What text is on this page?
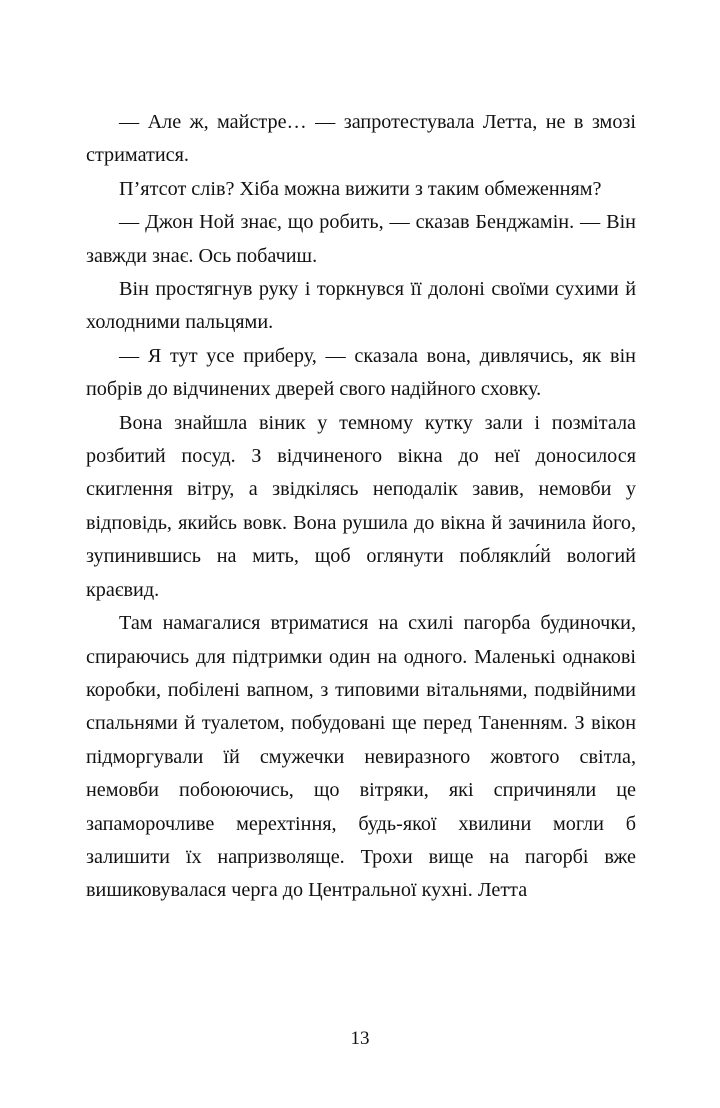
— Але ж, майстре… — запротестувала Летта, не в змозі стриматися.

П’ятсот слів? Хіба можна вижити з таким обмеженням?

— Джон Ной знає, що робить, — сказав Бенджамін. — Він завжди знає. Ось побачиш.

Він простягнув руку і торкнувся її долоні своїми сухими й холодними пальцями.

— Я тут усе приберу, — сказала вона, дивлячись, як він побрів до відчинених дверей свого надійного сховку.

Вона знайшла віник у темному кутку зали і позмітала розбитий посуд. З відчиненого вікна до неї доносилося скиглення вітру, а звідкілясь неподалік завив, немовби у відповідь, якийсь вовк. Вона рушила до вікна й зачинила його, зупинившись на мить, щоб оглянути поблякли́й вологий краєвид.

Там намагалися втриматися на схилі пагорба будиночки, спираючись для підтримки один на одного. Маленькі однакові коробки, побілені вапном, з типовими вітальнями, подвійними спальнями й туалетом, побудовані ще перед Таненням. З вікон підморгували їй смужечки невиразного жовтого світла, немовби побоюючись, що вітряки, які спричиняли це запаморочливе мерехтіння, будь-якої хвилини могли б залишити їх напризволяще. Трохи вище на пагорбі вже вишиковувалася черга до Центральної кухні. Летта

13
